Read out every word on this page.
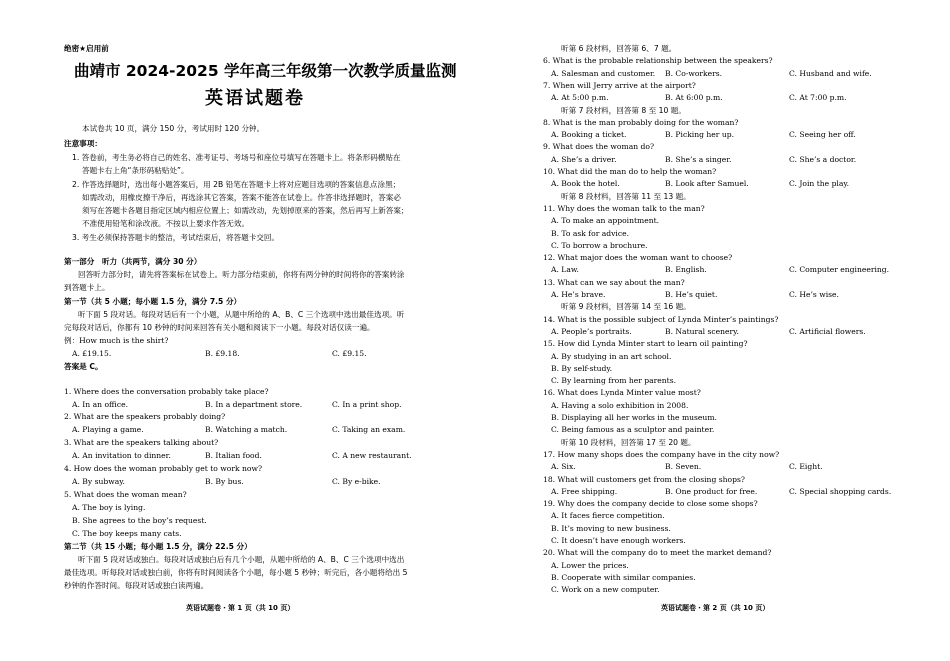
绝密★启用前
曲靖市 2024-2025 学年高三年级第一次教学质量监测
英语试题卷
本试卷共 10 页，满分 150 分，考试用时 120 分钟。
注意事项：
1. 答卷前，考生务必将自己的姓名、准考证号、考场号和座位号填写在答题卡上。将条形码横贴在
答题卡右上角“条形码粘贴处”。
2. 作答选择题时，选出每小题答案后，用 2B 铅笔在答题卡上将对应题目选项的答案信息点涂黑；
如需改动，用橡皮擦干净后，再选涂其它答案，答案不能答在试卷上。作答非选择题时，答案必
须写在答题卡各题目指定区域内相应位置上；如需改动，先划掉原来的答案，然后再写上新答案；
不准使用铅笔和涂改液。不按以上要求作答无效。
3. 考生必须保持答题卡的整洁，考试结束后，将答题卡交回。
第一部分　听力（共两节，满分 30 分）
回答听力部分时，请先将答案标在试卷上。听力部分结束前，你将有两分钟的时间将你的答案转涂
到答题卡上。
第一节（共 5 小题；每小题 1.5 分，满分 7.5 分）
听下面 5 段对话。每段对话后有一个小题，从题中所给的 A、B、C 三个选项中选出最佳选项。听
完每段对话后，你都有 10 秒钟的时间来回答有关小题和阅读下一小题。每段对话仅读一遍。
例：How much is the shirt?
A. £19.15.	B. £9.18.	C. £9.15.
答案是 C。
1. Where does the conversation probably take place?
A. In an office.	B. In a department store.	C. In a print shop.
2. What are the speakers probably doing?
A. Playing a game.	B. Watching a match.	C. Taking an exam.
3. What are the speakers talking about?
A. An invitation to dinner.	B. Italian food.	C. A new restaurant.
4. How does the woman probably get to work now?
A. By subway.	B. By bus.	C. By e-bike.
5. What does the woman mean?
A. The boy is lying.
B. She agrees to the boy’s request.
C. The boy keeps many cats.
第二节（共 15 小题；每小题 1.5 分，满分 22.5 分）
听下面 5 段对话或独白。每段对话或独白后有几个小题，从题中所给的 A、B、C 三个选项中选出
最佳选项。听每段对话或独白前，你将有时间阅读各个小题，每小题 5 秒钟；听完后，各小题将给出 5
秒钟的作答时间。每段对话或独白读两遍。
英语试题卷・第 1 页（共 10 页）
听第 6 段材料，回答第 6、7 题。
6. What is the probable relationship between the speakers?
A. Salesman and customer. B. Co-workers.	C. Husband and wife.
7. When will Jerry arrive at the airport?
A. At 5:00 p.m.	B. At 6:00 p.m.	C. At 7:00 p.m.
听第 7 段材料，回答第 8 至 10 题。
8. What is the man probably doing for the woman?
A. Booking a ticket.	B. Picking her up.	C. Seeing her off.
9. What does the woman do?
A. She’s a driver.	B. She’s a singer.	C. She’s a doctor.
10. What did the man do to help the woman?
A. Book the hotel.	B. Look after Samuel.	C. Join the play.
听第 8 段材料，回答第 11 至 13 题。
11. Why does the woman talk to the man?
A. To make an appointment.
B. To ask for advice.
C. To borrow a brochure.
12. What major does the woman want to choose?
A. Law.	B. English.	C. Computer engineering.
13. What can we say about the man?
A. He’s brave.	B. He’s quiet.	C. He’s wise.
听第 9 段材料，回答第 14 至 16 题。
14. What is the possible subject of Lynda Minter’s paintings?
A. People’s portraits.	B. Natural scenery.	C. Artificial flowers.
15. How did Lynda Minter start to learn oil painting?
A. By studying in an art school.
B. By self-study.
C. By learning from her parents.
16. What does Lynda Minter value most?
A. Having a solo exhibition in 2008.
B. Displaying all her works in the museum.
C. Being famous as a sculptor and painter.
听第 10 段材料，回答第 17 至 20 题。
17. How many shops does the company have in the city now?
A. Six.	B. Seven.	C. Eight.
18. What will customers get from the closing shops?
A. Free shipping.	B. One product for free.	C. Special shopping cards.
19. Why does the company decide to close some shops?
A. It faces fierce competition.
B. It’s moving to new business.
C. It doesn’t have enough workers.
20. What will the company do to meet the market demand?
A. Lower the prices.
B. Cooperate with similar companies.
C. Work on a new computer.
英语试题卷・第 2 页（共 10 页）
